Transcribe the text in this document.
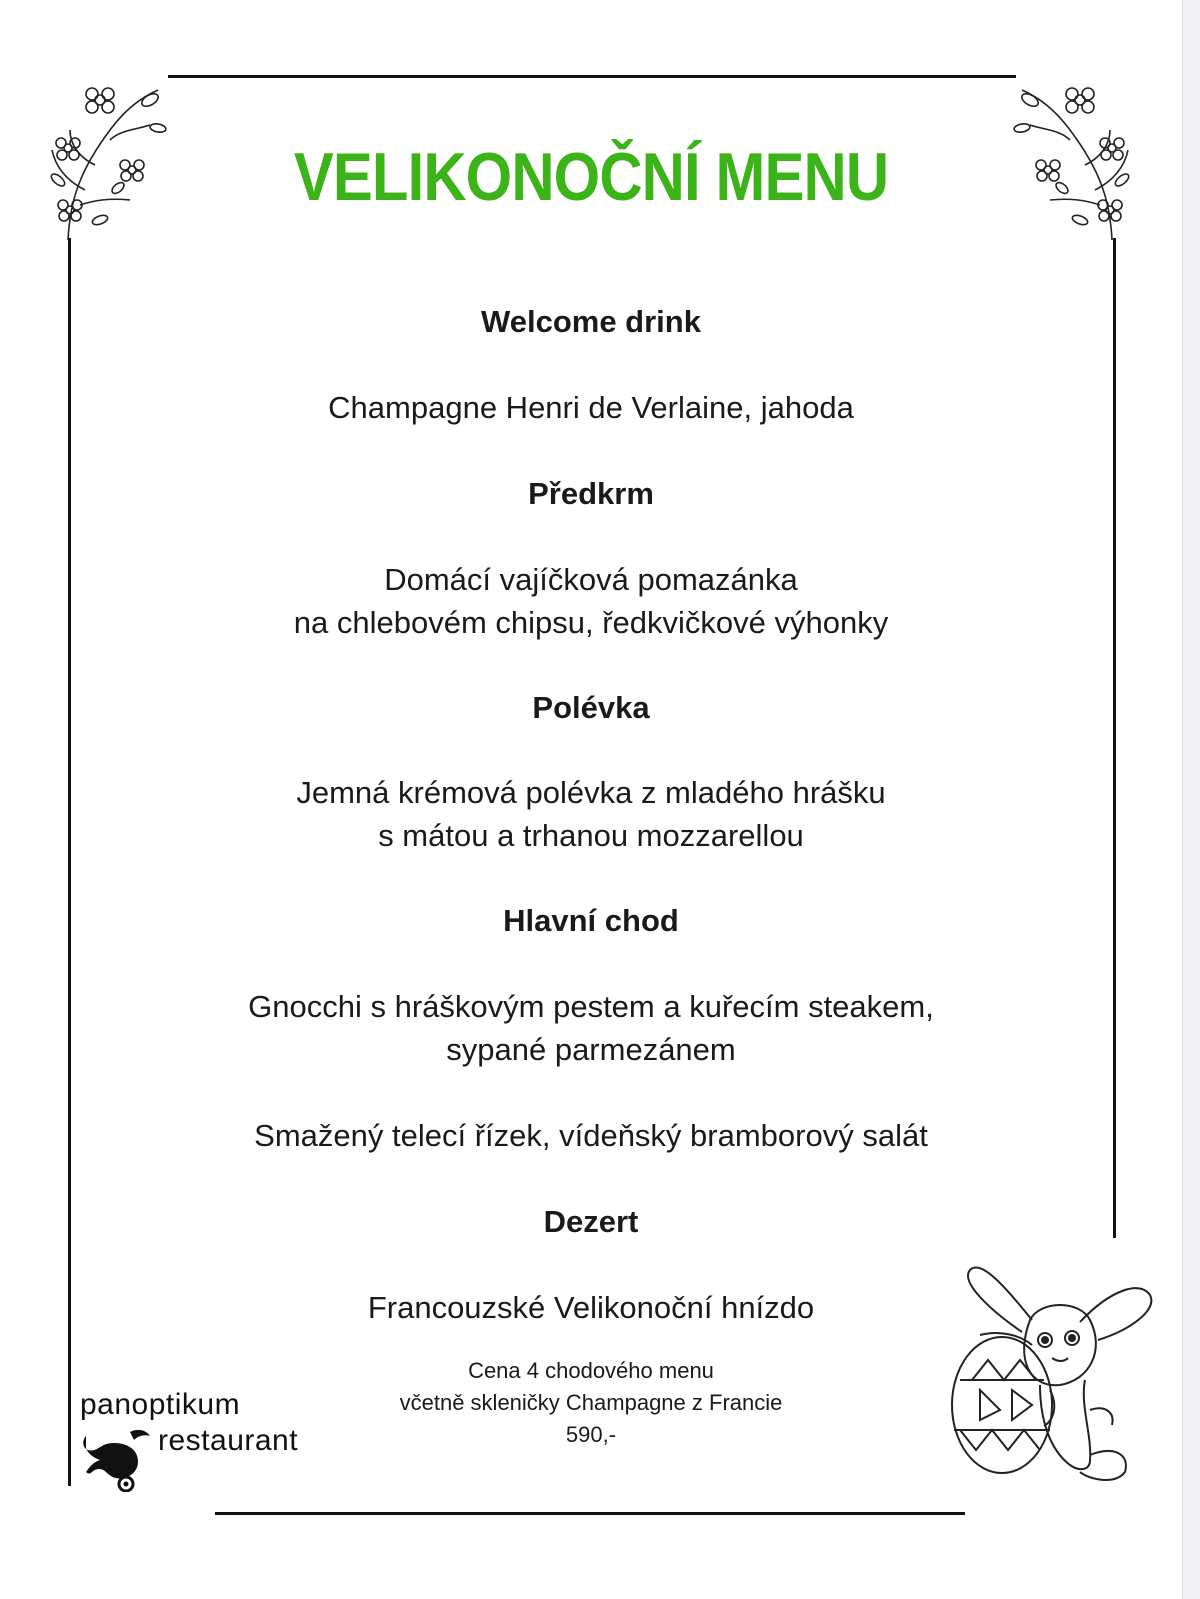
VELIKONOČNÍ MENU
Welcome drink
Champagne Henri de Verlaine, jahoda
Předkrm
Domácí vajíčková pomazánka
na chlebovém chipsu, ředkvičkové výhonky
Polévka
Jemná krémová polévka z mladého hrášku
s mátou a trhanou mozzarellou
Hlavní chod
Gnocchi s hráškovým pestem a kuřecím steakem,
sypané parmezánem
Smažený telecí řízek, vídeňský bramborový salát
Dezert
Francouzské Velikonoční hnízdo
Cena 4 chodového menu
včetně skleničky Champagne z Francie
590,-
panoptikum
restaurant
